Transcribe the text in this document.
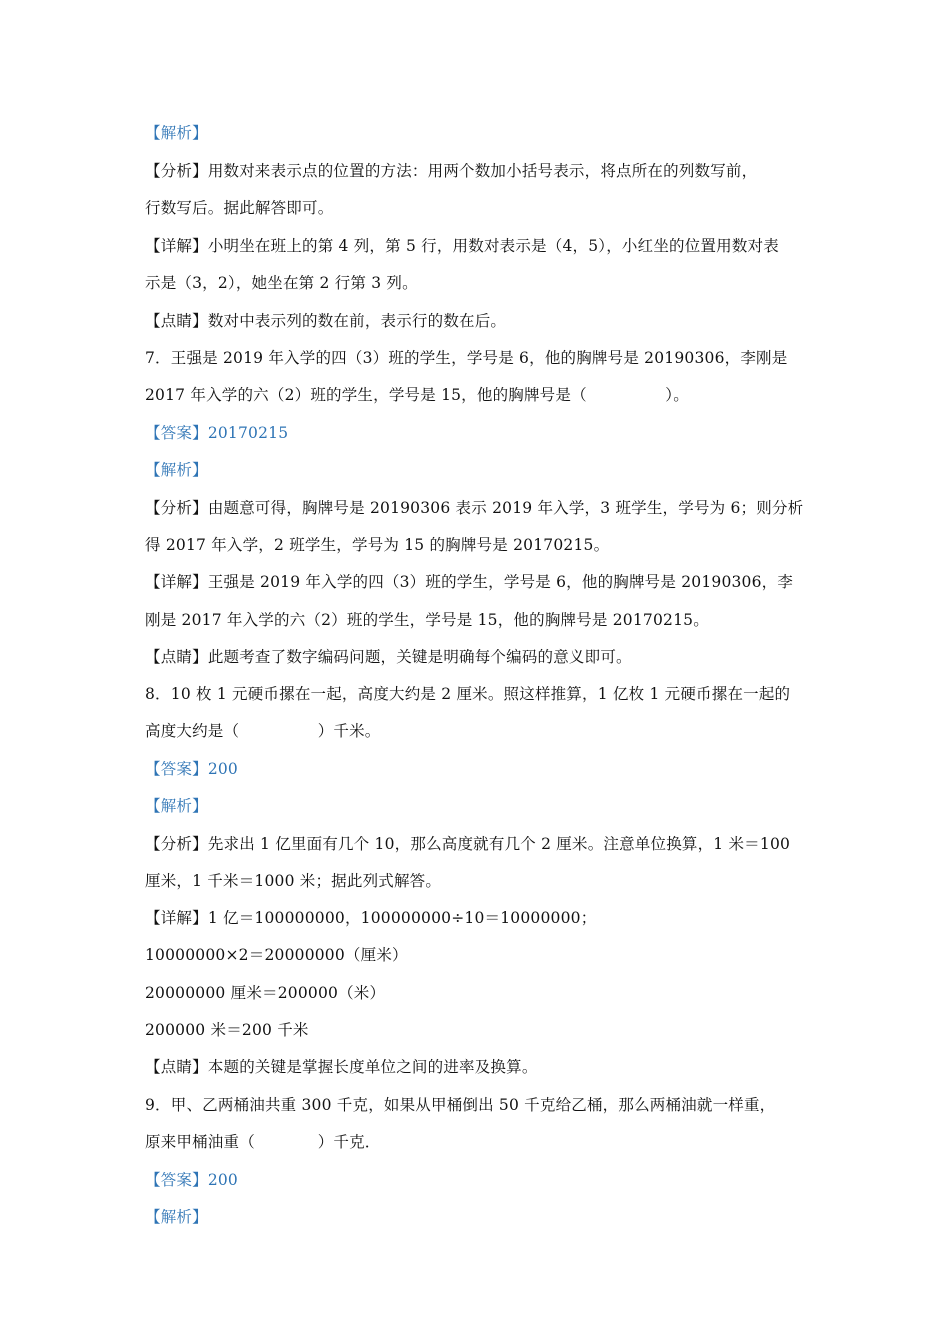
【解析】
【分析】用数对来表示点的位置的方法：用两个数加小括号表示，将点所在的列数写前，
行数写后。据此解答即可。
【详解】小明坐在班上的第 4 列，第 5 行，用数对表示是（4，5），小红坐的位置用数对表
示是（3，2），她坐在第 2 行第 3 列。
【点睛】数对中表示列的数在前，表示行的数在后。
7．王强是 2019 年入学的四（3）班的学生，学号是 6，他的胸牌号是 20190306，李刚是
2017 年入学的六（2）班的学生，学号是 15，他的胸牌号是（　　　　　）。
【答案】20170215
【解析】
【分析】由题意可得，胸牌号是 20190306 表示 2019 年入学，3 班学生，学号为 6；则分析
得 2017 年入学，2 班学生，学号为 15 的胸牌号是 20170215。
【详解】王强是 2019 年入学的四（3）班的学生，学号是 6，他的胸牌号是 20190306，李
刚是 2017 年入学的六（2）班的学生，学号是 15，他的胸牌号是 20170215。
【点睛】此题考查了数字编码问题，关键是明确每个编码的意义即可。
8．10 枚 1 元硬币摞在一起，高度大约是 2 厘米。照这样推算，1 亿枚 1 元硬币摞在一起的
高度大约是（　　　　　）千米。
【答案】200
【解析】
【分析】先求出 1 亿里面有几个 10，那么高度就有几个 2 厘米。注意单位换算，1 米＝100
厘米，1 千米＝1000 米；据此列式解答。
【详解】1 亿＝100000000，100000000÷10＝10000000；
10000000×2＝20000000（厘米）
20000000 厘米＝200000（米）
200000 米＝200 千米
【点睛】本题的关键是掌握长度单位之间的进率及换算。
9．甲、乙两桶油共重 300 千克，如果从甲桶倒出 50 千克给乙桶，那么两桶油就一样重，
原来甲桶油重（　　　　）千克．
【答案】200
【解析】
